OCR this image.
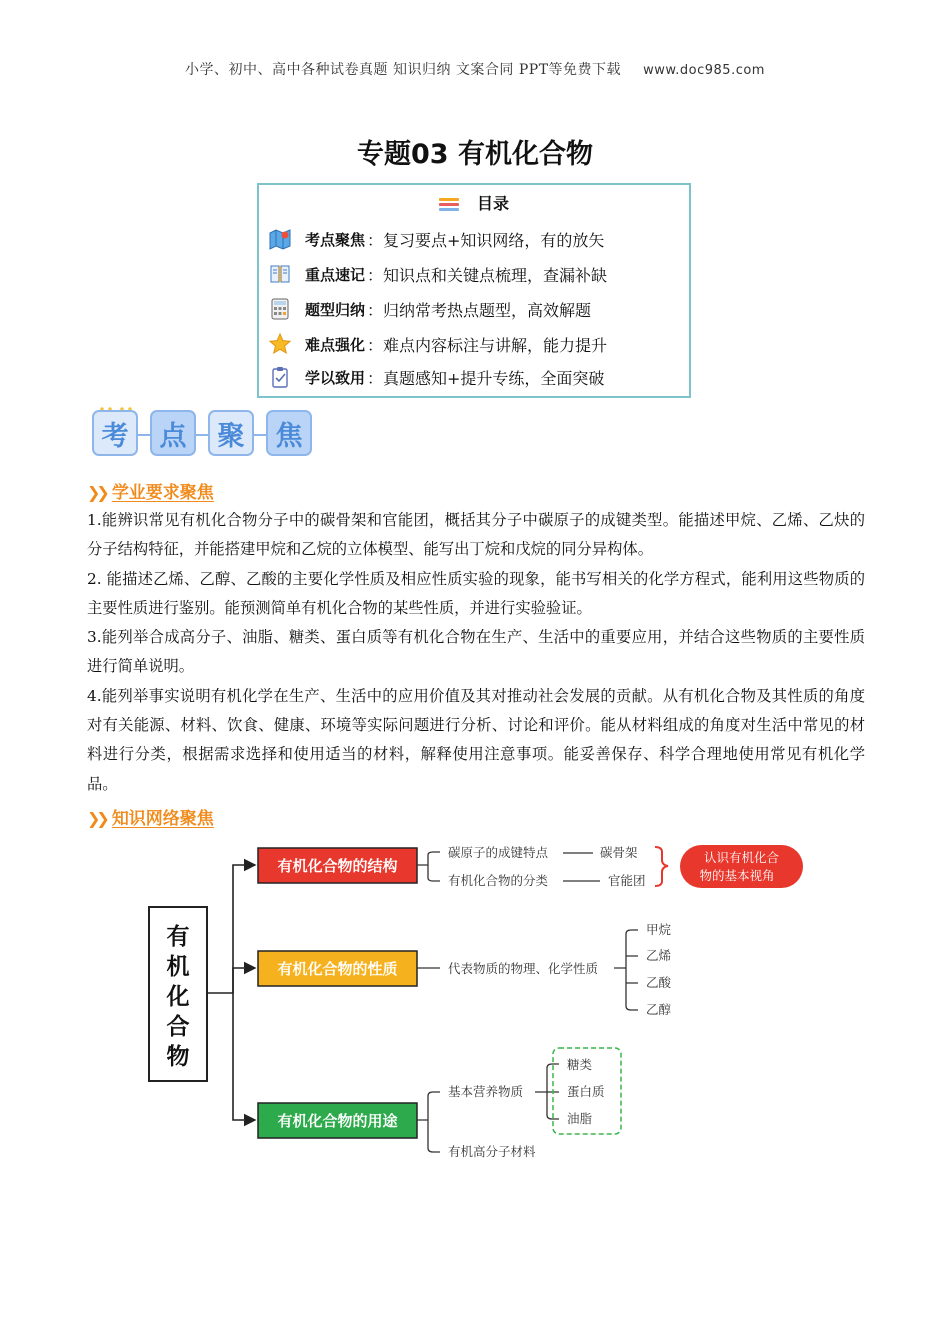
小学、初中、高中各种试卷真题 知识归纳 文案合同 PPT等免费下载 www.doc985.com
专题03 有机化合物
目录
考点聚焦 ：复习要点+知识网络，有的放矢
重点速记 ：知识点和关键点梳理，查漏补缺
题型归纳 ：归纳常考热点题型，高效解题
难点强化 ：难点内容标注与讲解，能力提升
学以致用 ：真题感知+提升专练，全面突破
考	点	聚	焦
❯❯ 学业要求聚焦

1.能辨识常见有机化合物分子中的碳骨架和官能团，概括其分子中碳原子的成键类型。能描述甲烷、乙烯、乙炔的分子结构特征，并能搭建甲烷和乙烷的立体模型、能写出丁烷和戊烷的同分异构体。

2. 能描述乙烯、乙醇、乙酸的主要化学性质及相应性质实验的现象，能书写相关的化学方程式，能利用这些物质的主要性质进行鉴别。能预测简单有机化合物的某些性质，并进行实验验证。

3.能列举合成高分子、油脂、糖类、蛋白质等有机化合物在生产、生活中的重要应用，并结合这些物质的主要性质进行简单说明。

4.能列举事实说明有机化学在生产、生活中的应用价值及其对推动社会发展的贡献。从有机化合物及其性质的角度对有关能源、材料、饮食、健康、环境等实际问题进行分析、讨论和评价。能从材料组成的角度对生活中常见的材料进行分类，根据需求选择和使用适当的材料，解释使用注意事项。能妥善保存、科学合理地使用常见有机化学品。

❯❯ 知识网络聚焦
有
机
化
合
物
有机化合物的结构
碳原子的成键特点
有机化合物的分类
碳骨架
官能团
认识有机化合
物的基本视角
有机化合物的性质	代表物质的物理、化学性质
甲烷
乙烯
乙酸
乙醇
有机化合物的用途
基本营养物质
有机高分子材料
糖类
蛋白质
油脂
